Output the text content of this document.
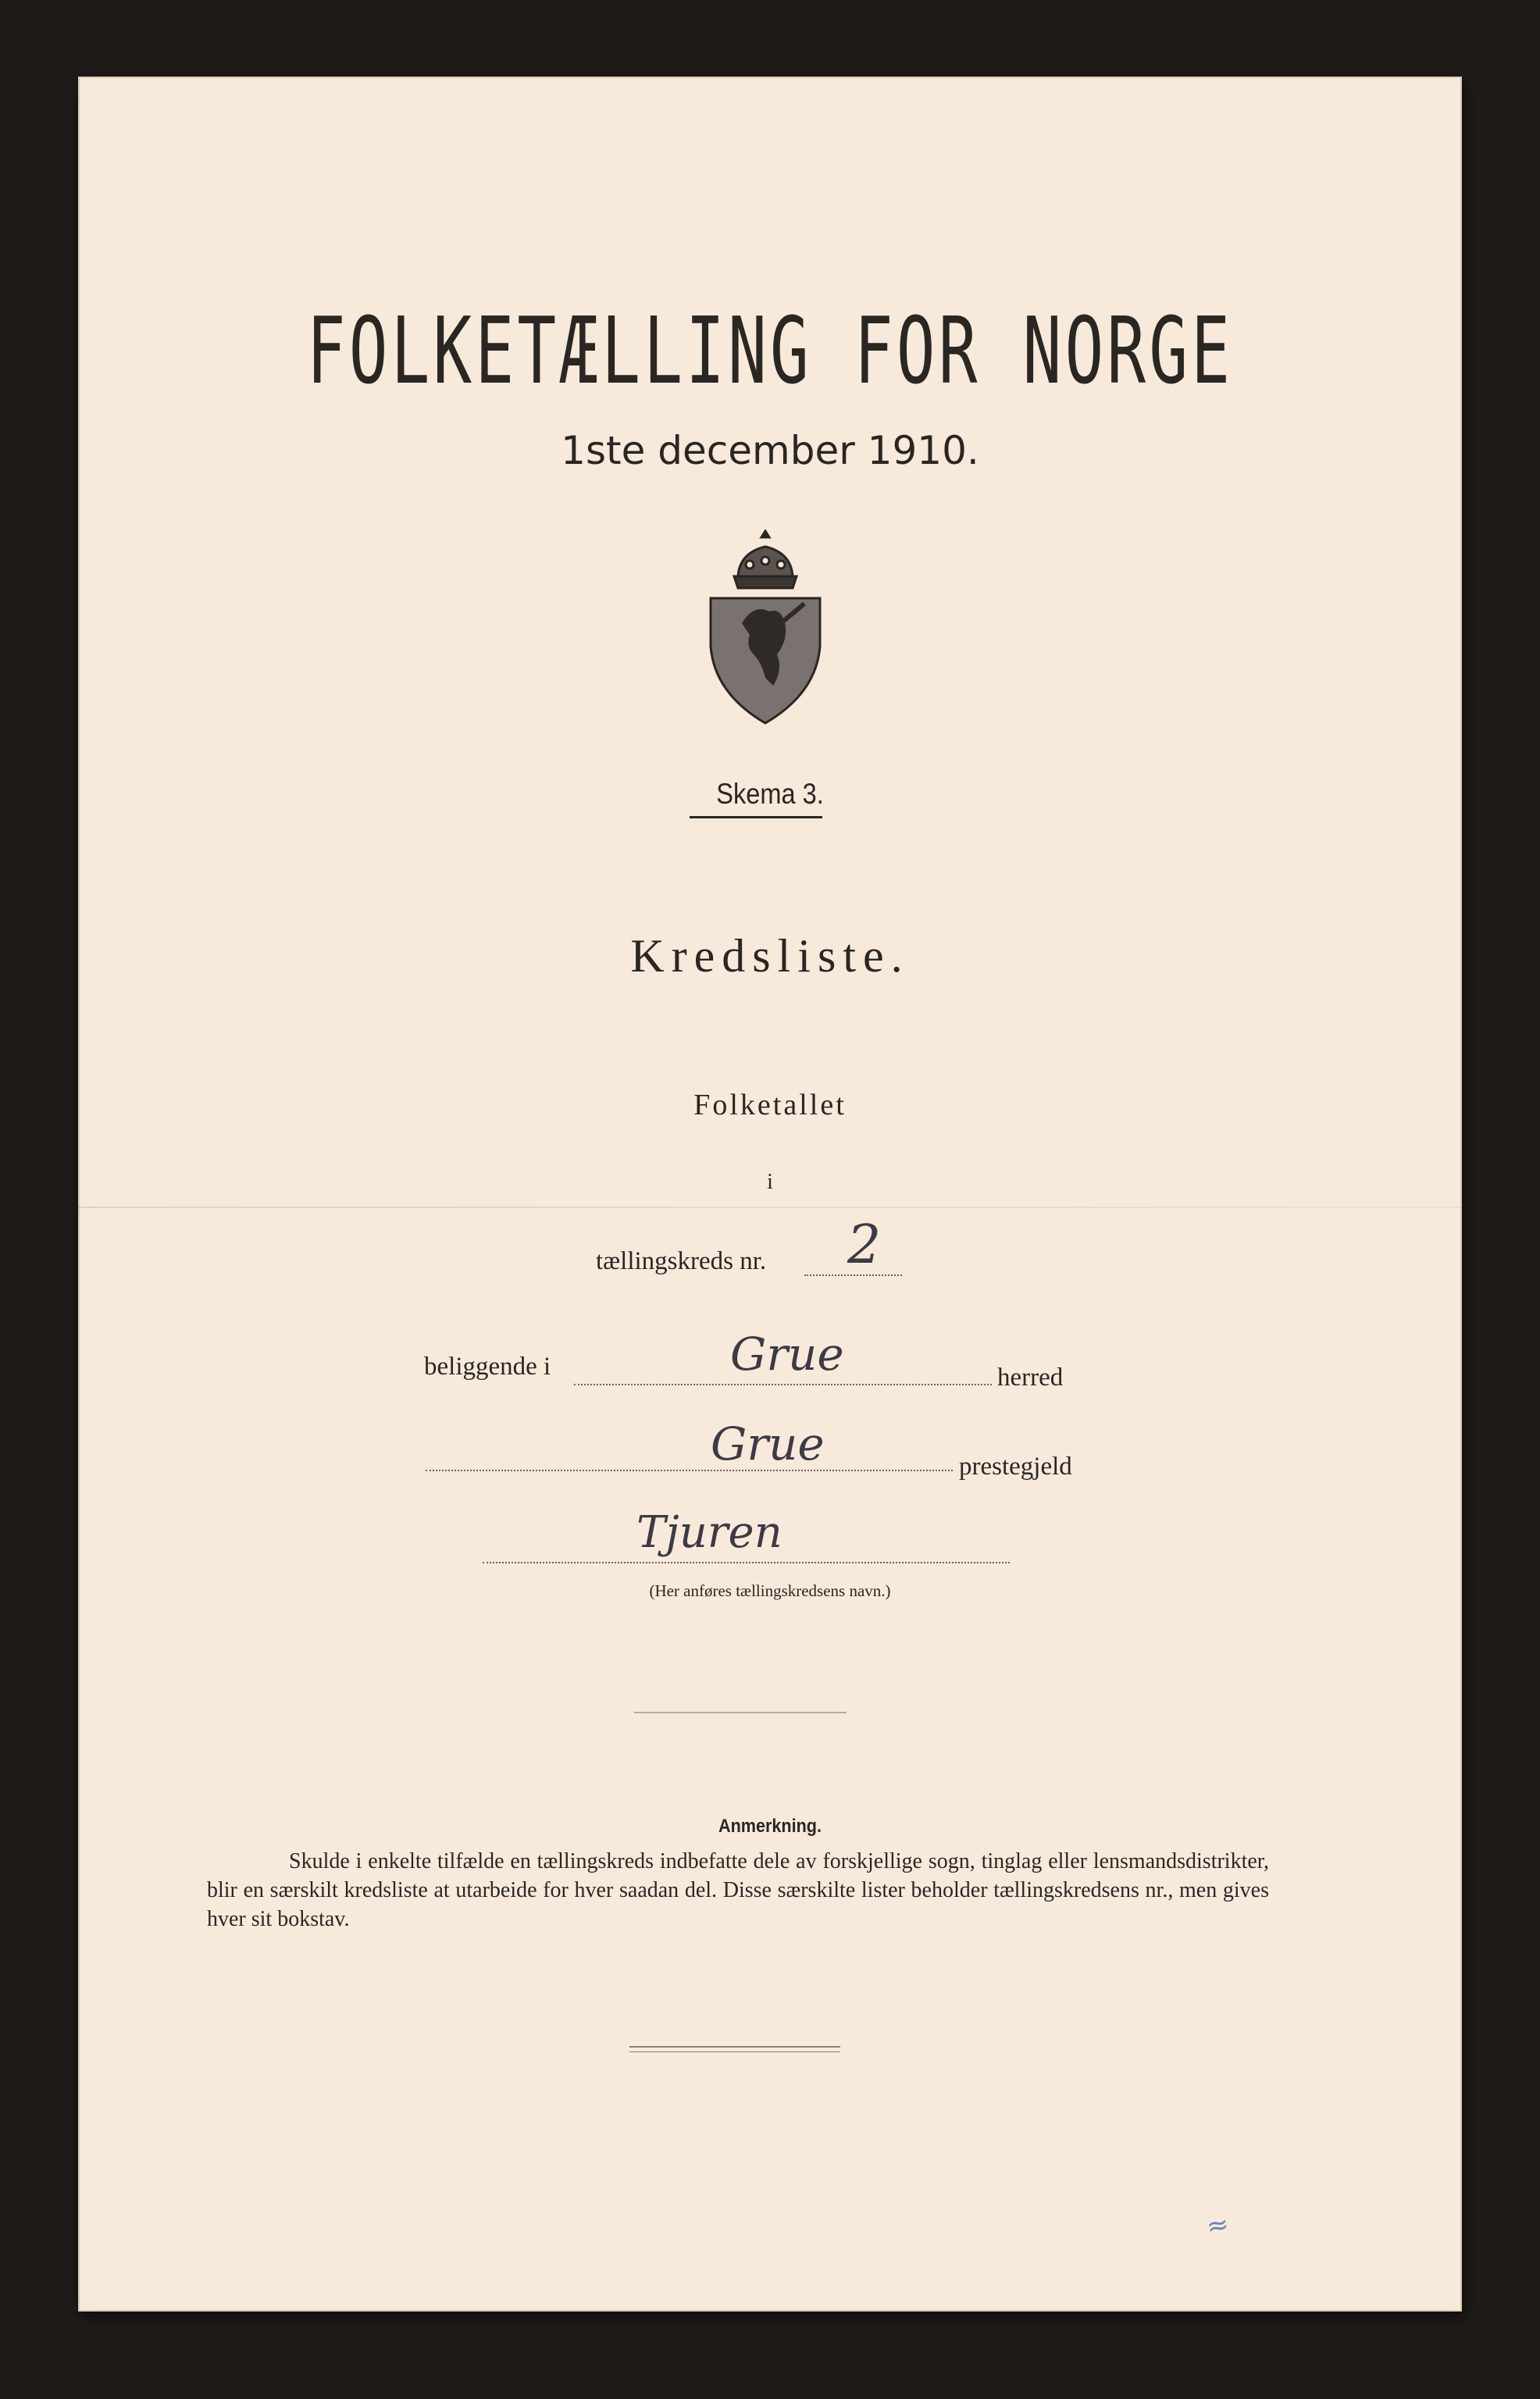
FOLKETÆLLING FOR NORGE
1ste december 1910.
Skema 3.
Kredsliste.
Folketallet
i
tællingskreds nr. 2
beliggende i	Grue	herred
Grue	prestegjeld
Tjuren
(Her anføres tællingskredsens navn.)
Anmerkning.

Skulde i enkelte tilfælde en tællingskreds indbefatte dele av forskjellige sogn, tinglag eller lensmandsdistrikter, blir en særskilt kredsliste at utarbeide for hver saadan del. Disse særskilte lister beholder tællingskredsens nr., men gives hver sit bokstav.

≈
